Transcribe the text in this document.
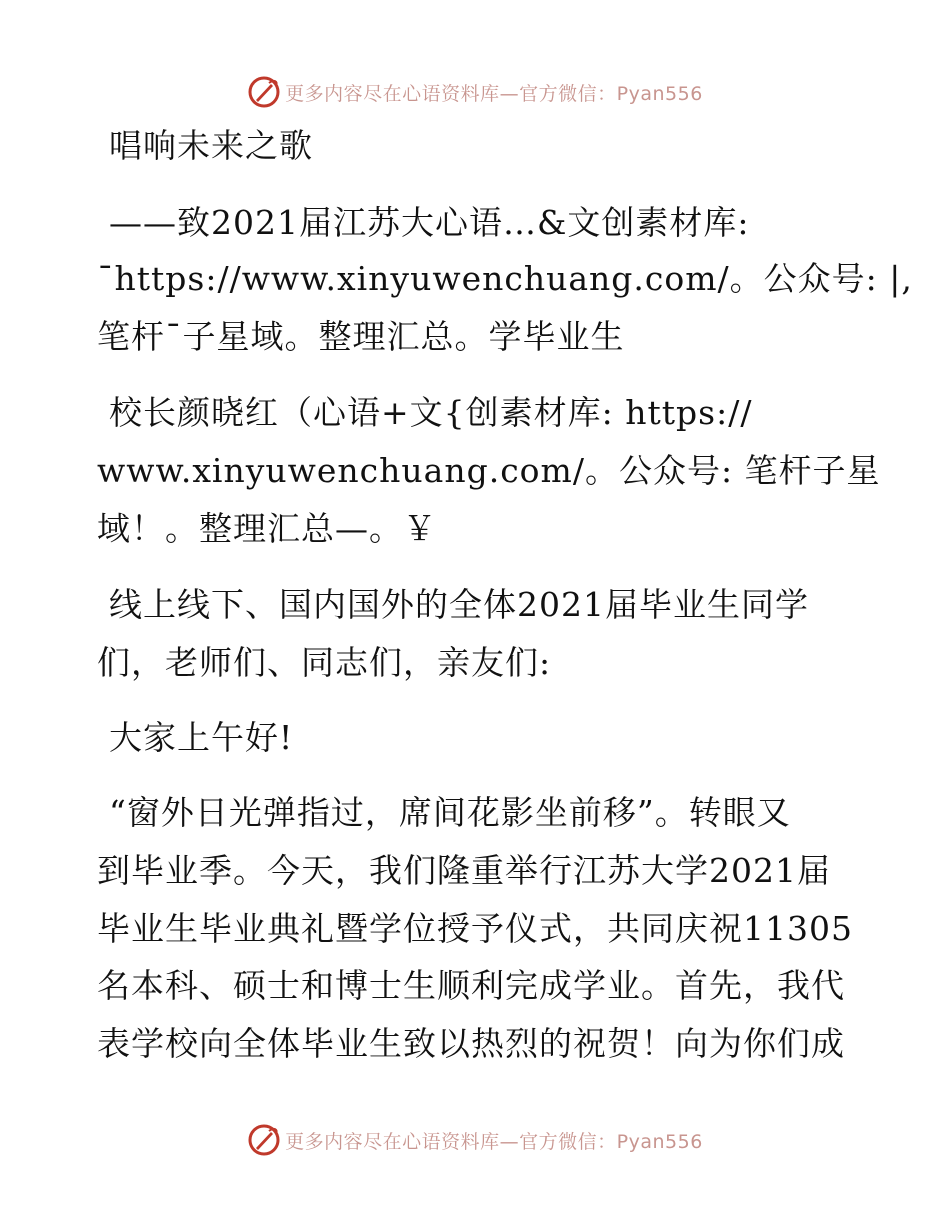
更多内容尽在心语资料库—官方微信：Pyan556
唱响未来之歌
——致2021届江苏大心语…&文创素材库:
¯https://www.xinyuwenchuang.com/。公众号: |,
笔杆¯子星域。整理汇总。学毕业生
校长颜晓红（心语+文{创素材库: https://
www.xinyuwenchuang.com/。公众号: 笔杆子星
域！。整理汇总—。￥
线上线下、国内国外的全体2021届毕业生同学
们，老师们、同志们，亲友们:
大家上午好!
“窗外日光弹指过，席间花影坐前移”。转眼又
到毕业季。今天，我们隆重举行江苏大学2021届
毕业生毕业典礼暨学位授予仪式，共同庆祝11305
名本科、硕士和博士生顺利完成学业。首先，我代
表学校向全体毕业生致以热烈的祝贺！向为你们成
更多内容尽在心语资料库—官方微信：Pyan556
